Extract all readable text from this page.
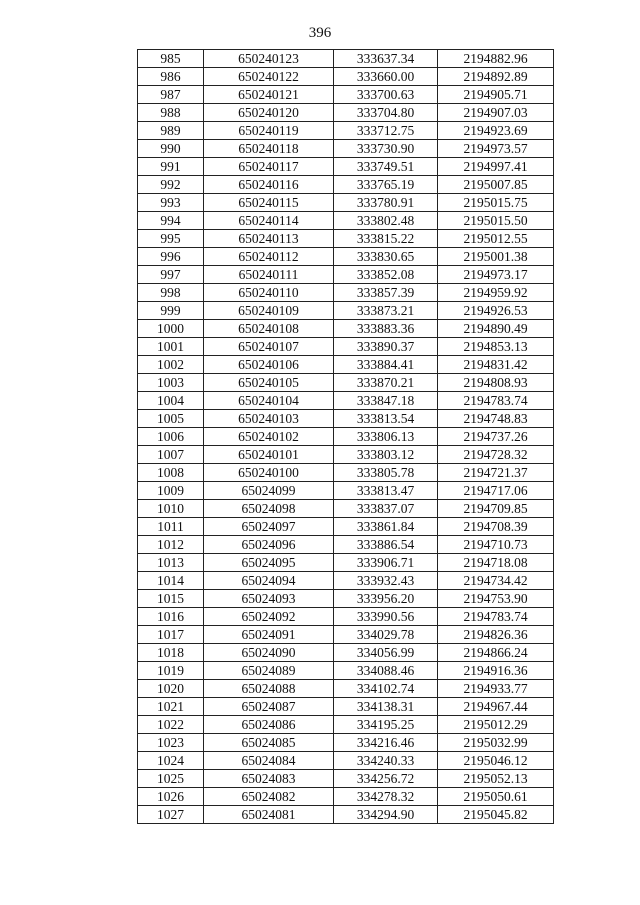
396
985	650240123	333637.34	2194882.96
986	650240122	333660.00	2194892.89
987	650240121	333700.63	2194905.71
988	650240120	333704.80	2194907.03
989	650240119	333712.75	2194923.69
990	650240118	333730.90	2194973.57
991	650240117	333749.51	2194997.41
992	650240116	333765.19	2195007.85
993	650240115	333780.91	2195015.75
994	650240114	333802.48	2195015.50
995	650240113	333815.22	2195012.55
996	650240112	333830.65	2195001.38
997	650240111	333852.08	2194973.17
998	650240110	333857.39	2194959.92
999	650240109	333873.21	2194926.53
1000	650240108	333883.36	2194890.49
1001	650240107	333890.37	2194853.13
1002	650240106	333884.41	2194831.42
1003	650240105	333870.21	2194808.93
1004	650240104	333847.18	2194783.74
1005	650240103	333813.54	2194748.83
1006	650240102	333806.13	2194737.26
1007	650240101	333803.12	2194728.32
1008	650240100	333805.78	2194721.37
1009	65024099	333813.47	2194717.06
1010	65024098	333837.07	2194709.85
1011	65024097	333861.84	2194708.39
1012	65024096	333886.54	2194710.73
1013	65024095	333906.71	2194718.08
1014	65024094	333932.43	2194734.42
1015	65024093	333956.20	2194753.90
1016	65024092	333990.56	2194783.74
1017	65024091	334029.78	2194826.36
1018	65024090	334056.99	2194866.24
1019	65024089	334088.46	2194916.36
1020	65024088	334102.74	2194933.77
1021	65024087	334138.31	2194967.44
1022	65024086	334195.25	2195012.29
1023	65024085	334216.46	2195032.99
1024	65024084	334240.33	2195046.12
1025	65024083	334256.72	2195052.13
1026	65024082	334278.32	2195050.61
1027	65024081	334294.90	2195045.82
